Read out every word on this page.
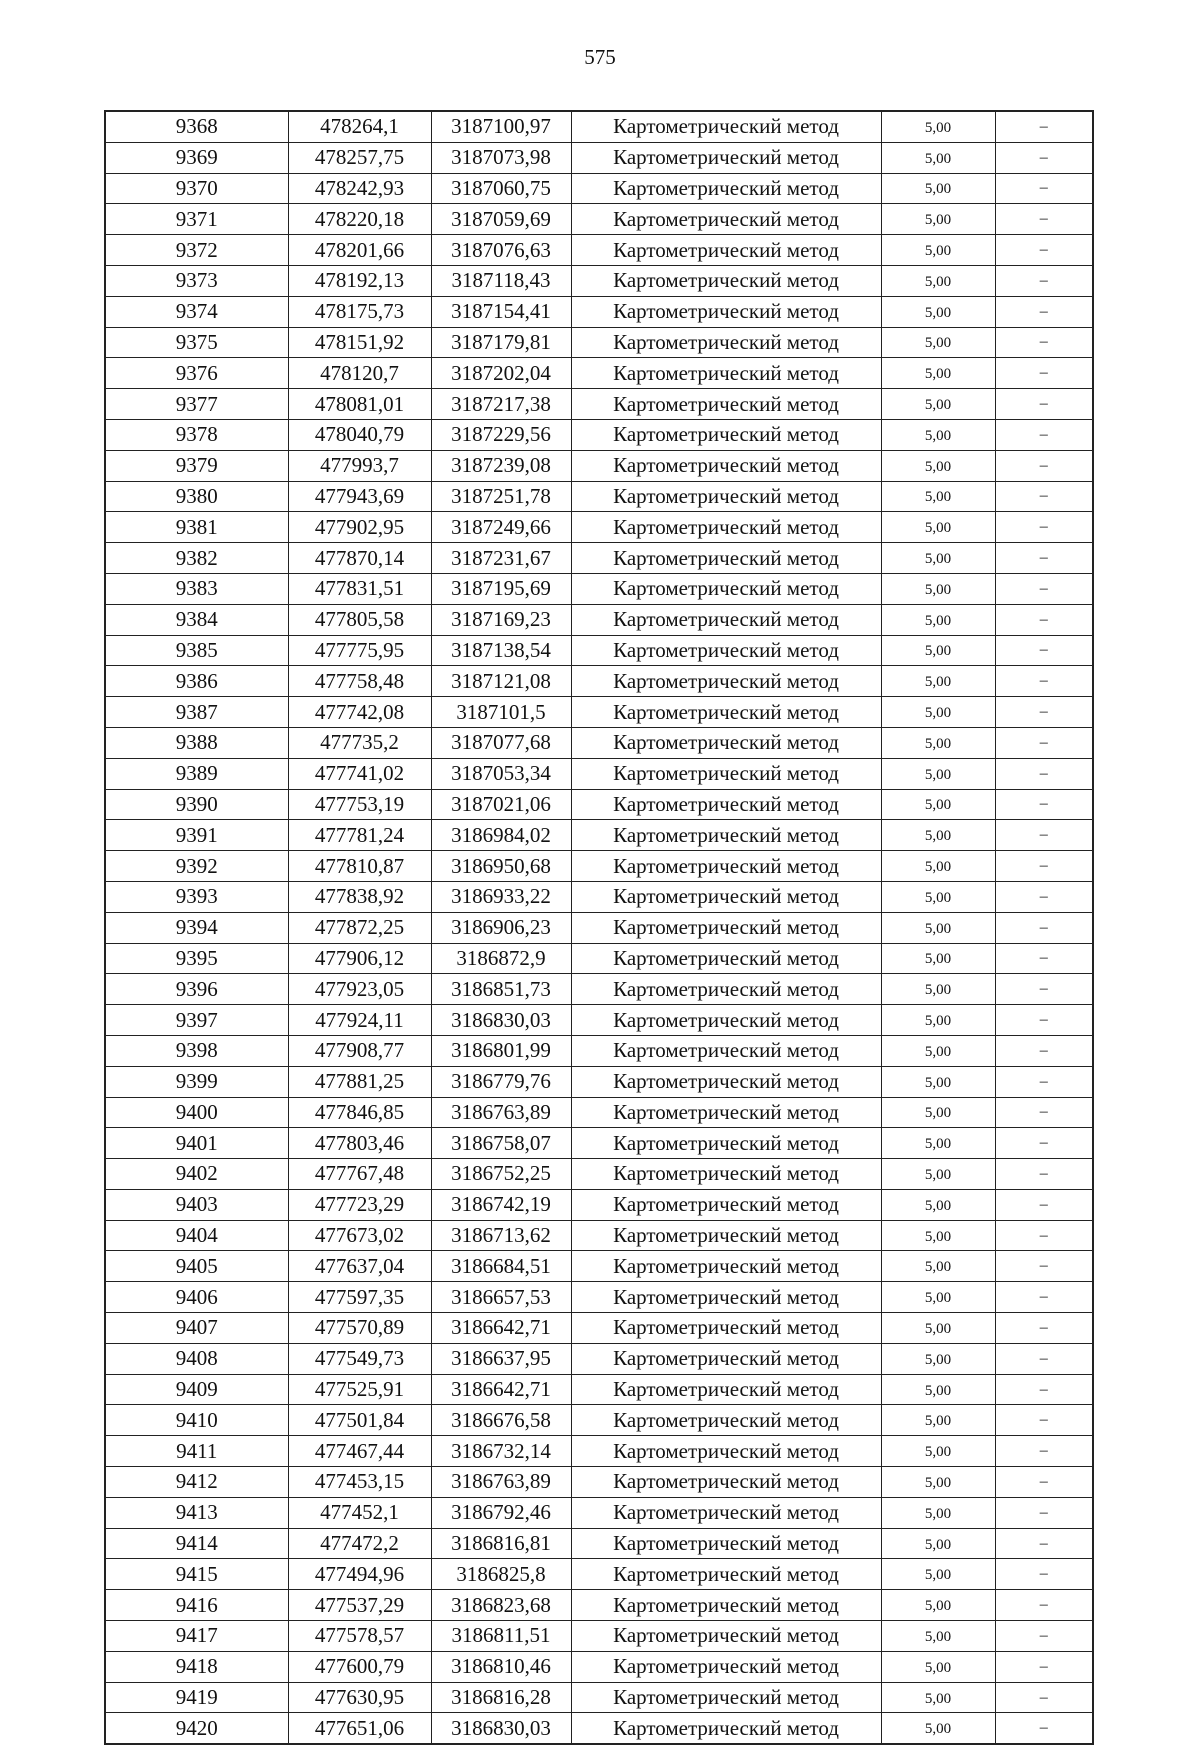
575
9368	478264,1	3187100,97	Картометрический метод	5,00	–
9369	478257,75	3187073,98	Картометрический метод	5,00	–
9370	478242,93	3187060,75	Картометрический метод	5,00	–
9371	478220,18	3187059,69	Картометрический метод	5,00	–
9372	478201,66	3187076,63	Картометрический метод	5,00	–
9373	478192,13	3187118,43	Картометрический метод	5,00	–
9374	478175,73	3187154,41	Картометрический метод	5,00	–
9375	478151,92	3187179,81	Картометрический метод	5,00	–
9376	478120,7	3187202,04	Картометрический метод	5,00	–
9377	478081,01	3187217,38	Картометрический метод	5,00	–
9378	478040,79	3187229,56	Картометрический метод	5,00	–
9379	477993,7	3187239,08	Картометрический метод	5,00	–
9380	477943,69	3187251,78	Картометрический метод	5,00	–
9381	477902,95	3187249,66	Картометрический метод	5,00	–
9382	477870,14	3187231,67	Картометрический метод	5,00	–
9383	477831,51	3187195,69	Картометрический метод	5,00	–
9384	477805,58	3187169,23	Картометрический метод	5,00	–
9385	477775,95	3187138,54	Картометрический метод	5,00	–
9386	477758,48	3187121,08	Картометрический метод	5,00	–
9387	477742,08	3187101,5	Картометрический метод	5,00	–
9388	477735,2	3187077,68	Картометрический метод	5,00	–
9389	477741,02	3187053,34	Картометрический метод	5,00	–
9390	477753,19	3187021,06	Картометрический метод	5,00	–
9391	477781,24	3186984,02	Картометрический метод	5,00	–
9392	477810,87	3186950,68	Картометрический метод	5,00	–
9393	477838,92	3186933,22	Картометрический метод	5,00	–
9394	477872,25	3186906,23	Картометрический метод	5,00	–
9395	477906,12	3186872,9	Картометрический метод	5,00	–
9396	477923,05	3186851,73	Картометрический метод	5,00	–
9397	477924,11	3186830,03	Картометрический метод	5,00	–
9398	477908,77	3186801,99	Картометрический метод	5,00	–
9399	477881,25	3186779,76	Картометрический метод	5,00	–
9400	477846,85	3186763,89	Картометрический метод	5,00	–
9401	477803,46	3186758,07	Картометрический метод	5,00	–
9402	477767,48	3186752,25	Картометрический метод	5,00	–
9403	477723,29	3186742,19	Картометрический метод	5,00	–
9404	477673,02	3186713,62	Картометрический метод	5,00	–
9405	477637,04	3186684,51	Картометрический метод	5,00	–
9406	477597,35	3186657,53	Картометрический метод	5,00	–
9407	477570,89	3186642,71	Картометрический метод	5,00	–
9408	477549,73	3186637,95	Картометрический метод	5,00	–
9409	477525,91	3186642,71	Картометрический метод	5,00	–
9410	477501,84	3186676,58	Картометрический метод	5,00	–
9411	477467,44	3186732,14	Картометрический метод	5,00	–
9412	477453,15	3186763,89	Картометрический метод	5,00	–
9413	477452,1	3186792,46	Картометрический метод	5,00	–
9414	477472,2	3186816,81	Картометрический метод	5,00	–
9415	477494,96	3186825,8	Картометрический метод	5,00	–
9416	477537,29	3186823,68	Картометрический метод	5,00	–
9417	477578,57	3186811,51	Картометрический метод	5,00	–
9418	477600,79	3186810,46	Картометрический метод	5,00	–
9419	477630,95	3186816,28	Картометрический метод	5,00	–
9420	477651,06	3186830,03	Картометрический метод	5,00	–
